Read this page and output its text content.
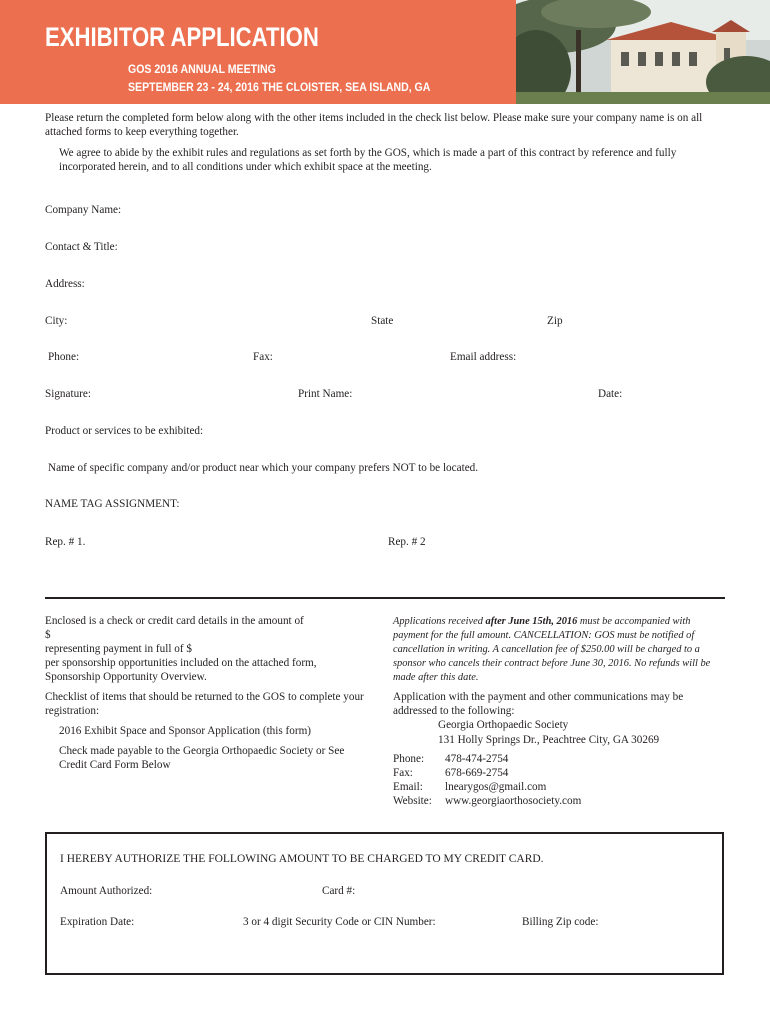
EXHIBITOR APPLICATION
GOS 2016 ANNUAL MEETING
SEPTEMBER 23 - 24, 2016 THE CLOISTER, SEA ISLAND, GA
Please return the completed form below along with the other items included in the check list below. Please make sure your company name is on all attached forms to keep everything together.
We agree to abide by the exhibit rules and regulations as set forth by the GOS, which is made a part of this contract by reference and fully incorporated herein, and to all conditions under which exhibit space at the meeting.
Company Name:
Contact & Title:
Address:
City:	State	Zip
Phone:	Fax:	Email address:
Signature:	Print Name:	Date:
Product or services to be exhibited:
Name of specific company and/or product near which your company prefers NOT to be located.
NAME TAG ASSIGNMENT:
Rep. # 1.	Rep. # 2
Enclosed is a check or credit card details in the amount of
$
representing payment in full of $
per sponsorship opportunities included on the attached form,
Sponsorship Opportunity Overview.
Checklist of items that should be returned to the GOS to complete your registration:
2016 Exhibit Space and Sponsor Application (this form)
Check made payable to the Georgia Orthopaedic Society or See Credit Card Form Below
Applications received after June 15th, 2016 must be accompanied with payment for the full amount. CANCELLATION: GOS must be notified of cancellation in writing. A cancellation fee of $250.00 will be charged to a sponsor who cancels their contract before June 30, 2016. No refunds will be made after this date.
Application with the payment and other communications may be addressed to the following:
Georgia Orthopaedic Society
131 Holly Springs Dr., Peachtree City, GA 30269
Phone: 478-474-2754
Fax:	678-669-2754
Email: lnearygos@gmail.com
Website: www.georgiaorthosociety.com
I HEREBY AUTHORIZE THE FOLLOWING AMOUNT TO BE CHARGED TO MY CREDIT CARD.
Amount Authorized:	Card #:
Expiration Date:	3 or 4 digit Security Code or CIN Number:	Billing Zip code:
